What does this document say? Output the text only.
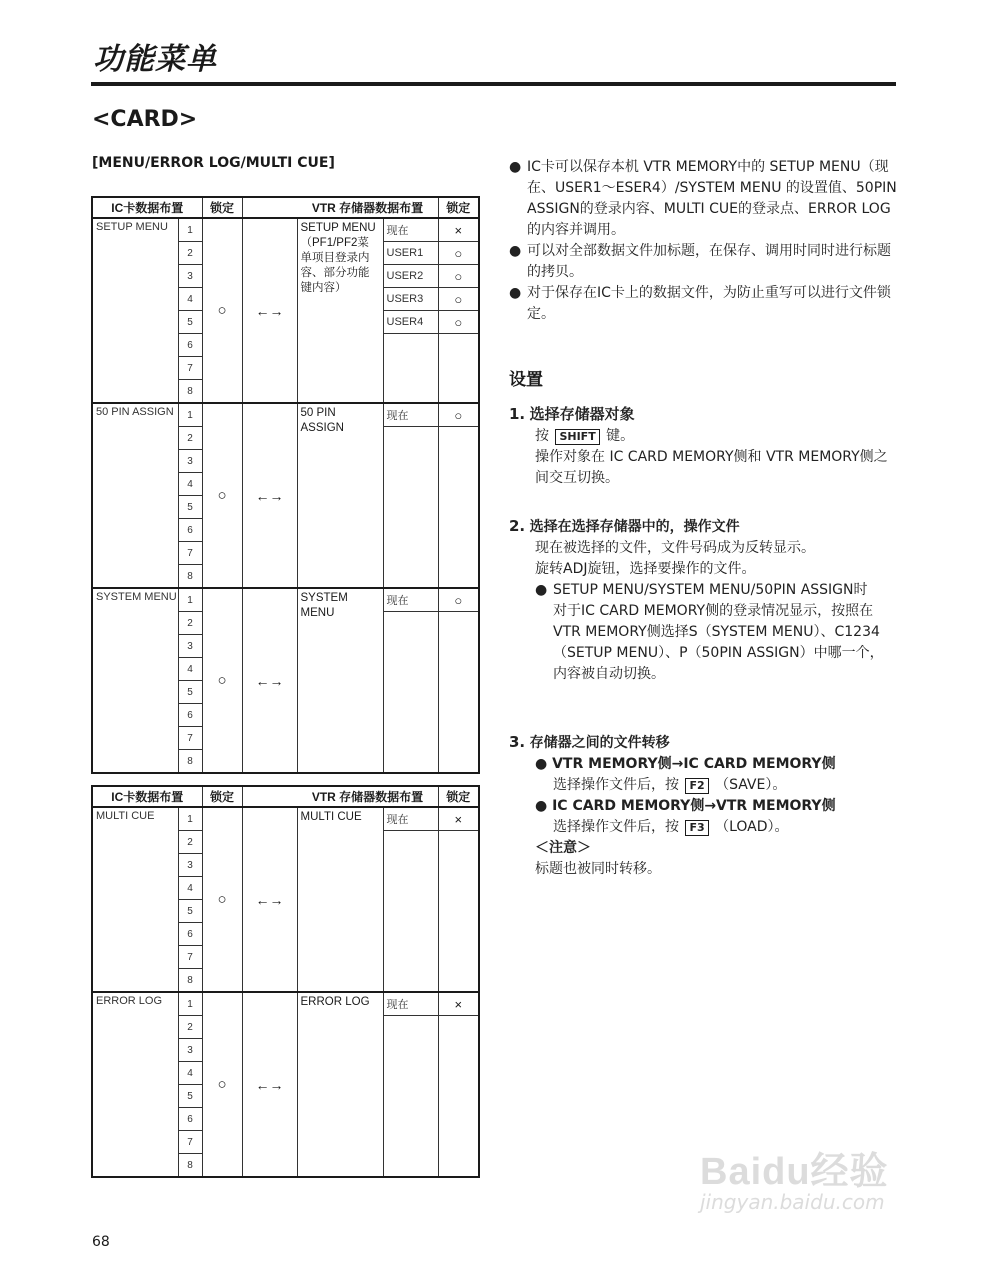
功能菜单
<CARD>
[MENU/ERROR LOG/MULTI CUE]
IC卡数据布置		锁定		VTR 存储器数据布置		锁定
SETUP MENU	1	○	←→	SETUP MENU（PF1/PF2菜单项目登录内容、部分功能键内容）	现在	×
	2				USER1	○
	3				USER2	○
	4				USER3	○
	5				USER4	○
	6					
	7					
	8					
50 PIN ASSIGN	1	○	←→	50 PIN ASSIGN	现在	○
	2					
	3					
	4					
	5					
	6					
	7					
	8					
SYSTEM MENU	1	○	←→	SYSTEM MENU	现在	○
	2					
	3					
	4					
	5					
	6					
	7					
	8					
IC卡数据布置		锁定		VTR 存储器数据布置		锁定
MULTI CUE	1	○	←→	MULTI CUE	现在	×
	2					
	3					
	4					
	5					
	6					
	7					
	8					
ERROR LOG	1	○	←→	ERROR LOG	现在	×
	2					
	3					
	4					
	5					
	6					
	7					
	8					

● IC卡可以保存本机 VTR MEMORY中的 SETUP MENU（现在、USER1～ESER4）/SYSTEM MENU 的设置值、50PIN ASSIGN的登录内容、MULTI CUE的登录点、ERROR LOG的内容并调用。

● 可以对全部数据文件加标题，在保存、调用时同时进行标题的拷贝。

● 对于保存在IC卡上的数据文件，为防止重写可以进行文件锁定。

设置
1. 选择存储器对象
按 SHIFT 键。
操作对象在 IC CARD MEMORY侧和 VTR MEMORY侧之间交互切换。
2. 选择在选择存储器中的，操作文件
现在被选择的文件，文件号码成为反转显示。
旋转ADJ旋钮，选择要操作的文件。
● SETUP MENU/SYSTEM MENU/50PIN ASSIGN时
对于IC CARD MEMORY侧的登录情况显示，按照在VTR MEMORY侧选择S（SYSTEM MENU）、C1234（SETUP MENU）、P（50PIN ASSIGN）中哪一个，内容被自动切换。
3. 存储器之间的文件转移
● VTR MEMORY侧→IC CARD MEMORY侧
选择操作文件后，按 F2 （SAVE）。
● IC CARD MEMORY侧→VTR MEMORY侧
选择操作文件后，按 F3 （LOAD）。
＜注意＞
标题也被同时转移。
Baidu经验
jingyan.baidu.com
68
